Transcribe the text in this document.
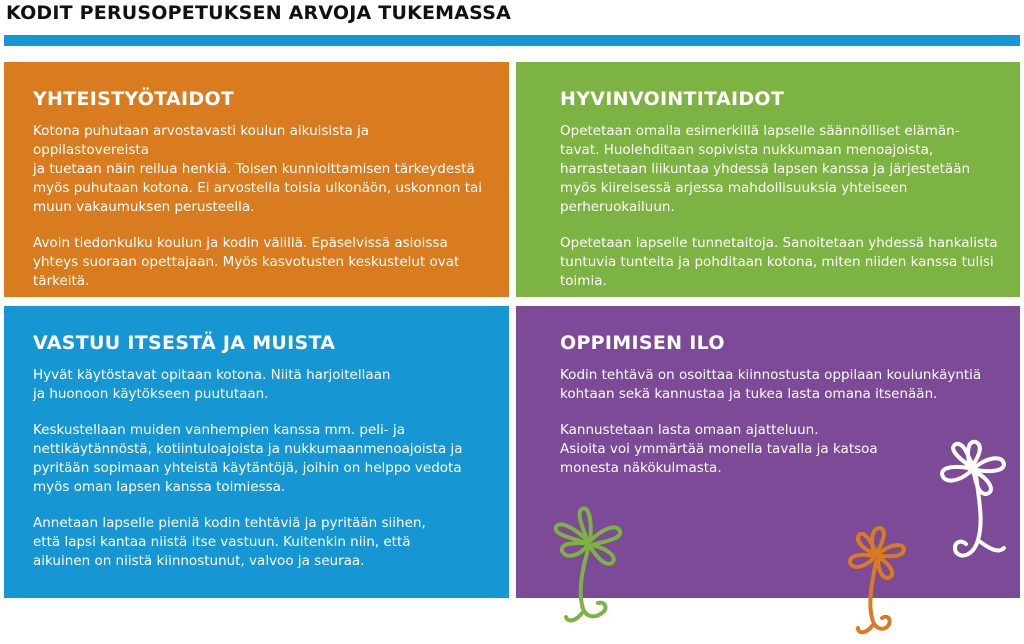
KODIT PERUSOPETUKSEN ARVOJA TUKEMASSA
YHTEISTYÖTAIDOT

Kotona puhutaan arvostavasti koulun aikuisista ja oppilastovereista
ja tuetaan näin reilua henkiä. Toisen kunnioittamisen tärkeydestä
myös puhutaan kotona. Ei arvostella toisia ulkonäön, uskonnon tai
muun vakaumuksen perusteella.

Avoin tiedonkulku koulun ja kodin välillä. Epäselvissä asioissa
yhteys suoraan opettajaan. Myös kasvotusten keskustelut ovat
tärkeitä.

HYVINVOINTITAIDOT

Opetetaan omalla esimerkillä lapselle säännölliset elämän-
tavat. Huolehditaan sopivista nukkumaan menoajoista,
harrastetaan liikuntaa yhdessä lapsen kanssa ja järjestetään
myös kiireisessä arjessa mahdollisuuksia yhteiseen
perheruokailuun.

Opetetaan lapselle tunnetaitoja. Sanoitetaan yhdessä hankalista
tuntuvia tunteita ja pohditaan kotona, miten niiden kanssa tulisi
toimia.

VASTUU ITSESTÄ JA MUISTA

Hyvät käytöstavat opitaan kotona. Niitä harjoitellaan
ja huonoon käytökseen puututaan.

Keskustellaan muiden vanhempien kanssa mm. peli- ja
nettikäytännöstä, kotiintuloajoista ja nukkumaanmenoajoista ja
pyritään sopimaan yhteistä käytäntöjä, joihin on helppo vedota
myös oman lapsen kanssa toimiessa.

Annetaan lapselle pieniä kodin tehtäviä ja pyritään siihen,
että lapsi kantaa niistä itse vastuun. Kuitenkin niin, että
aikuinen on niistä kiinnostunut, valvoo ja seuraa.

OPPIMISEN ILO

Kodin tehtävä on osoittaa kiinnostusta oppilaan koulunkäyntiä
kohtaan sekä kannustaa ja tukea lasta omana itsenään.

Kannustetaan lasta omaan ajatteluun.
Asioita voi ymmärtää monella tavalla ja katsoa
monesta näkökulmasta.
